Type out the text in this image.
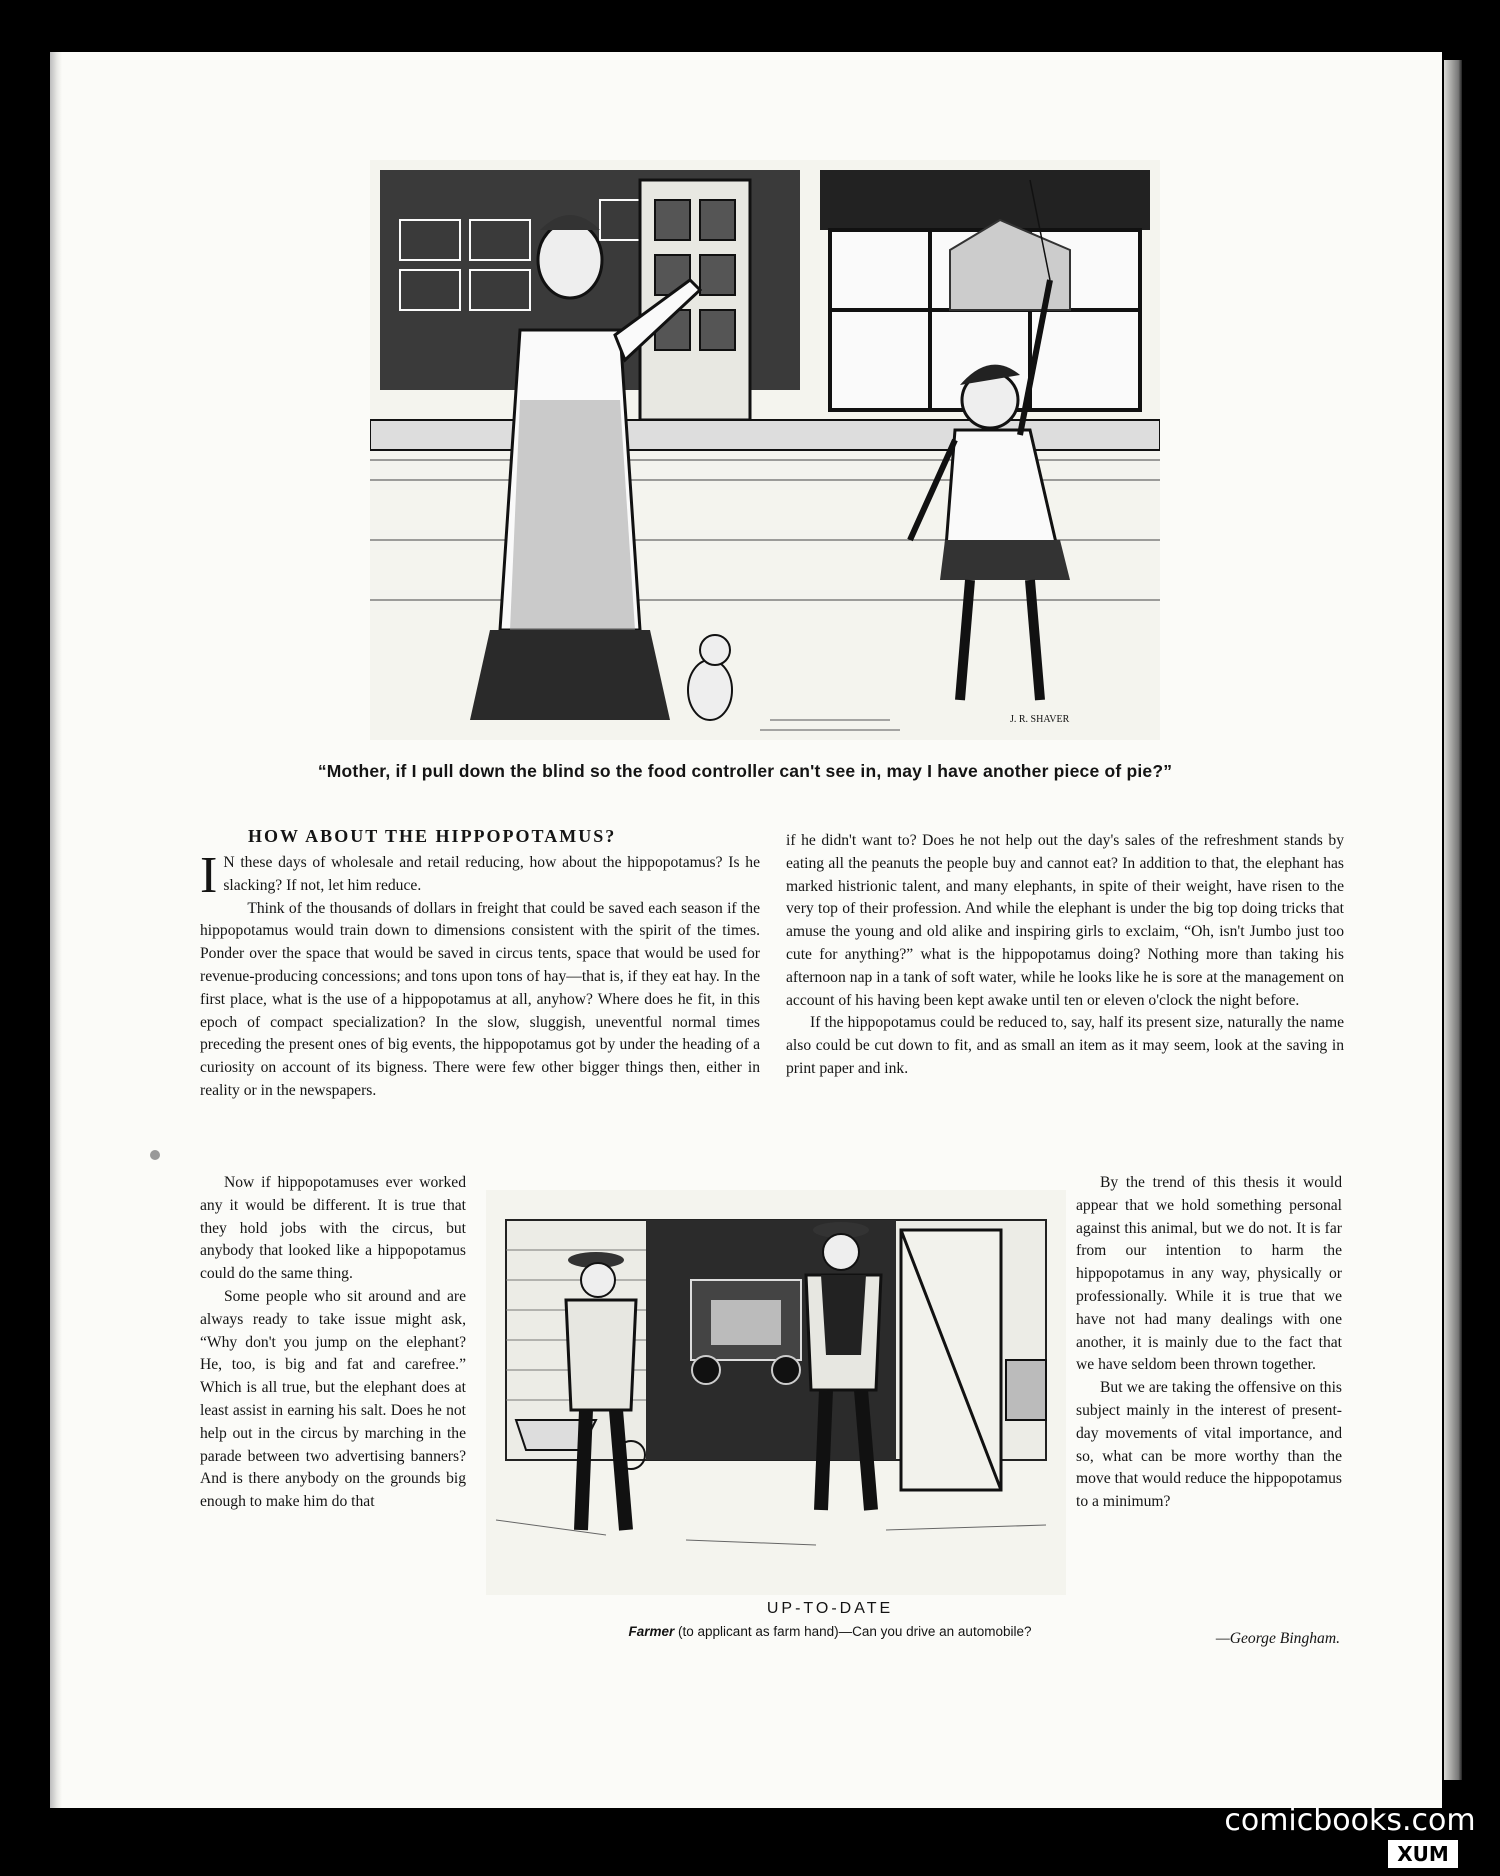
J. R. SHAVER
“Mother, if I pull down the blind so the food controller can't see in, may I have another piece of pie?”
HOW ABOUT THE HIPPOPOTAMUS?

I N these days of wholesale and retail reducing, how about the hippopotamus? Is he slacking? If not, let him reduce.

Think of the thousands of dollars in freight that could be saved each season if the hippopotamus would train down to dimensions consistent with the spirit of the times. Ponder over the space that would be saved in circus tents, space that would be used for revenue-producing concessions; and tons upon tons of hay—that is, if they eat hay. In the first place, what is the use of a hippopotamus at all, anyhow? Where does he fit, in this epoch of compact specialization? In the slow, sluggish, uneventful normal times preceding the present ones of big events, the hippopotamus got by under the heading of a curiosity on account of its bigness. There were few other bigger things then, either in reality or in the newspapers.

if he didn't want to? Does he not help out the day's sales of the refreshment stands by eating all the peanuts the people buy and cannot eat? In addition to that, the elephant has marked histrionic talent, and many elephants, in spite of their weight, have risen to the very top of their profession. And while the elephant is under the big top doing tricks that amuse the young and old alike and inspiring girls to exclaim, “Oh, isn't Jumbo just too cute for anything?” what is the hippopotamus doing? Nothing more than taking his afternoon nap in a tank of soft water, while he looks like he is sore at the management on account of his having been kept awake until ten or eleven o'clock the night before.

If the hippopotamus could be reduced to, say, half its present size, naturally the name also could be cut down to fit, and as small an item as it may seem, look at the saving in print paper and ink.

Now if hippopotamuses ever worked any it would be different. It is true that they hold jobs with the circus, but anybody that looked like a hippopotamus could do the same thing.

Some people who sit around and are always ready to take issue might ask, “Why don't you jump on the elephant? He, too, is big and fat and carefree.” Which is all true, but the elephant does at least assist in earning his salt. Does he not help out in the circus by marching in the parade between two advertising banners? And is there anybody on the grounds big enough to make him do that

UP-TO-DATE
Farmer (to applicant as farm hand)—Can you drive an automobile?

By the trend of this thesis it would appear that we hold something personal against this animal, but we do not. It is far from our intention to harm the hippopotamus in any way, physically or professionally. While it is true that we have not had many dealings with one another, it is mainly due to the fact that we have seldom been thrown together.

But we are taking the offensive on this subject mainly in the interest of present-day movements of vital importance, and so, what can be more worthy than the move that would reduce the hippopotamus to a minimum?

—George Bingham.
comicbooks.com
XUM
